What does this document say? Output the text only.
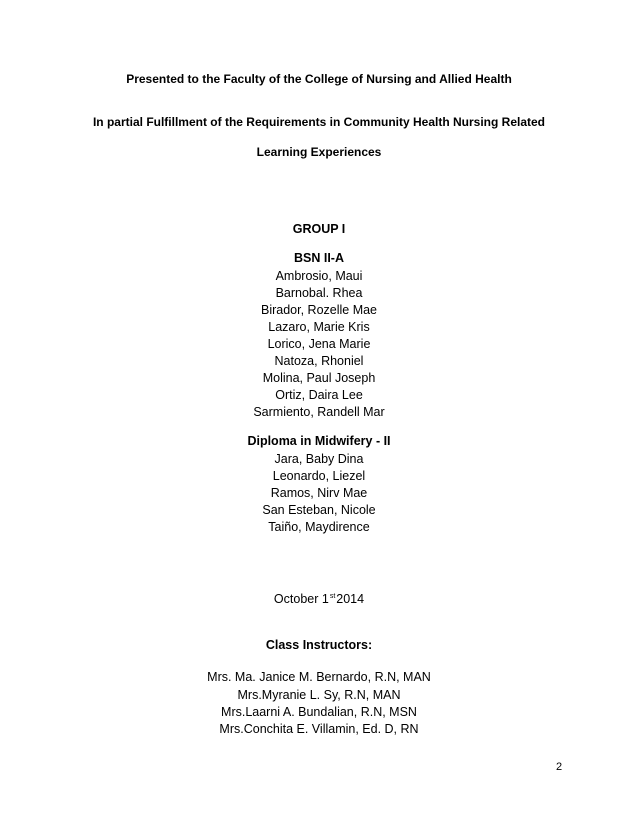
Presented to the Faculty of the College of Nursing and Allied Health
In partial Fulfillment of the Requirements in Community Health Nursing Related
Learning Experiences
GROUP I
BSN II-A
Ambrosio, Maui
Barnobal. Rhea
Birador, Rozelle Mae
Lazaro, Marie Kris
Lorico, Jena Marie
Natoza, Rhoniel
Molina, Paul Joseph
Ortiz, Daira Lee
Sarmiento, Randell Mar
Diploma in Midwifery - II
Jara, Baby Dina
Leonardo, Liezel
Ramos, Nirv Mae
San Esteban, Nicole
Taiño, Maydirence
October 1st2014
Class Instructors:
Mrs. Ma. Janice M. Bernardo, R.N, MAN
Mrs.Myranie L. Sy, R.N, MAN
Mrs.Laarni A. Bundalian, R.N, MSN
Mrs.Conchita E. Villamin, Ed. D, RN
2
